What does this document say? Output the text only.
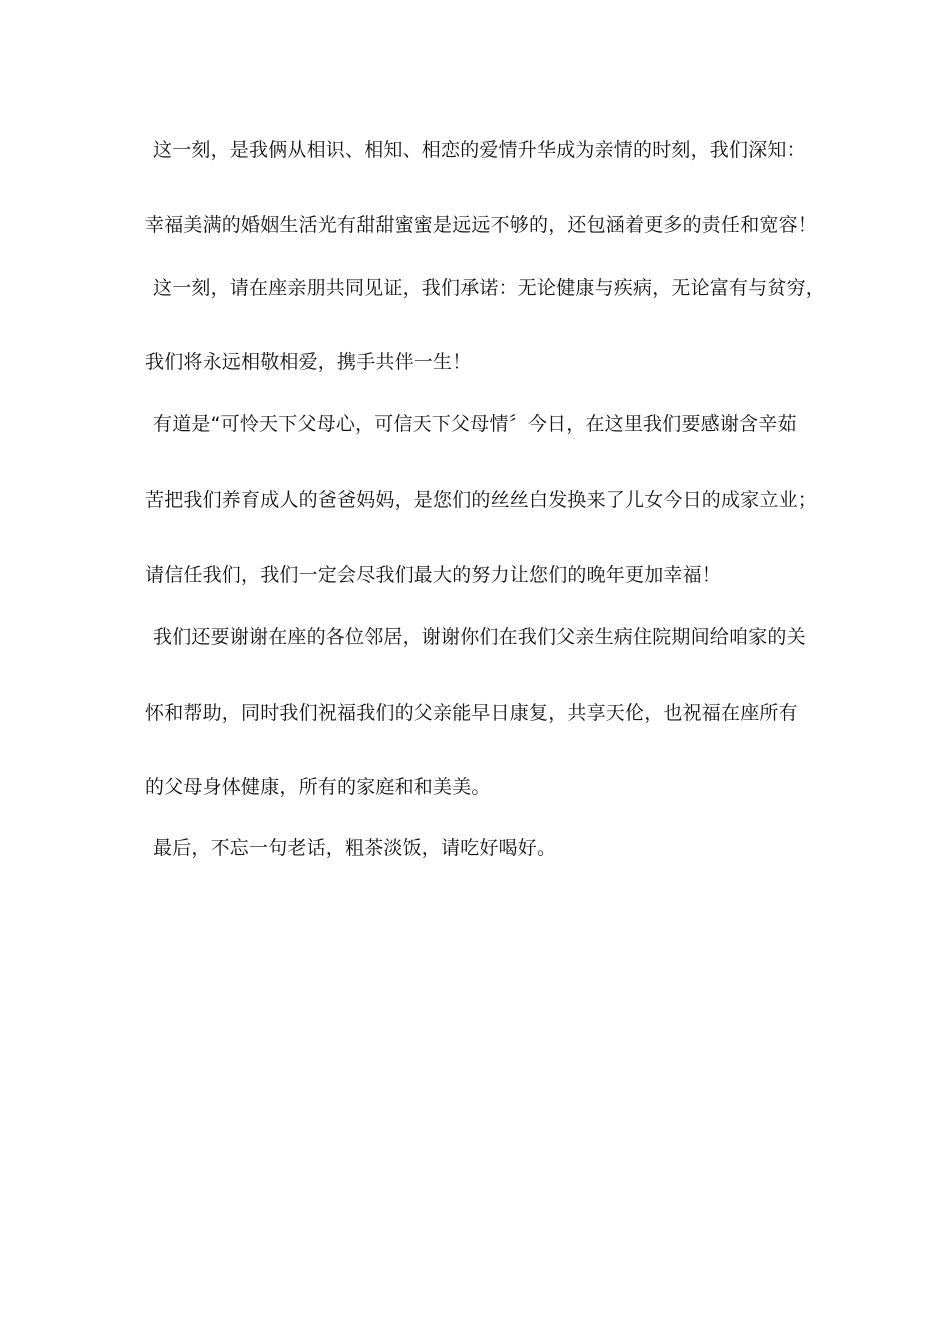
这一刻，是我俩从相识、相知、相恋的爱情升华成为亲情的时刻，我们深知：
幸福美满的婚姻生活光有甜甜蜜蜜是远远不够的，还包涵着更多的责任和宽容！
这一刻，请在座亲朋共同见证，我们承诺：无论健康与疾病，无论富有与贫穷，
我们将永远相敬相爱，携手共伴一生！
有道是“可怜天下父母心，可信天下父母情〞今日，在这里我们要感谢含辛茹
苦把我们养育成人的爸爸妈妈，是您们的丝丝白发换来了儿女今日的成家立业；
请信任我们，我们一定会尽我们最大的努力让您们的晚年更加幸福！
我们还要谢谢在座的各位邻居，谢谢你们在我们父亲生病住院期间给咱家的关
怀和帮助，同时我们祝福我们的父亲能早日康复，共享天伦，也祝福在座所有
的父母身体健康，所有的家庭和和美美。
最后，不忘一句老话，粗茶淡饭，请吃好喝好。
